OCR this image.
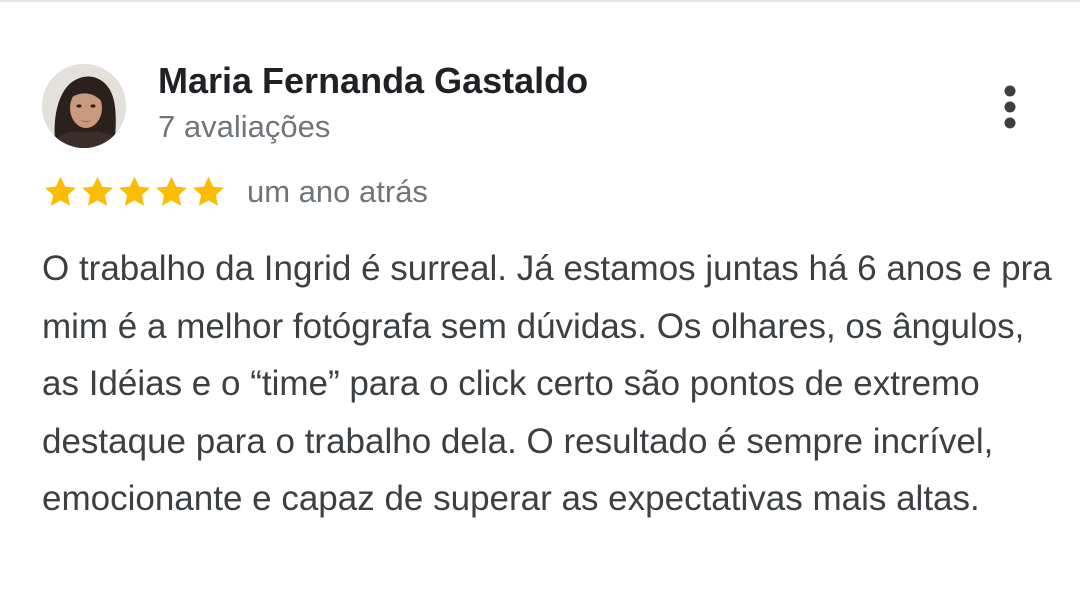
Maria Fernanda Gastaldo
7 avaliações
um ano atrás

O trabalho da Ingrid é surreal. Já estamos juntas há 6 anos e pra mim é a melhor fotógrafa sem dúvidas. Os olhares, os ângulos, as Idéias e o “time” para o click certo são pontos de extremo destaque para o trabalho dela. O resultado é sempre incrível, emocionante e capaz de superar as expectativas mais altas.
